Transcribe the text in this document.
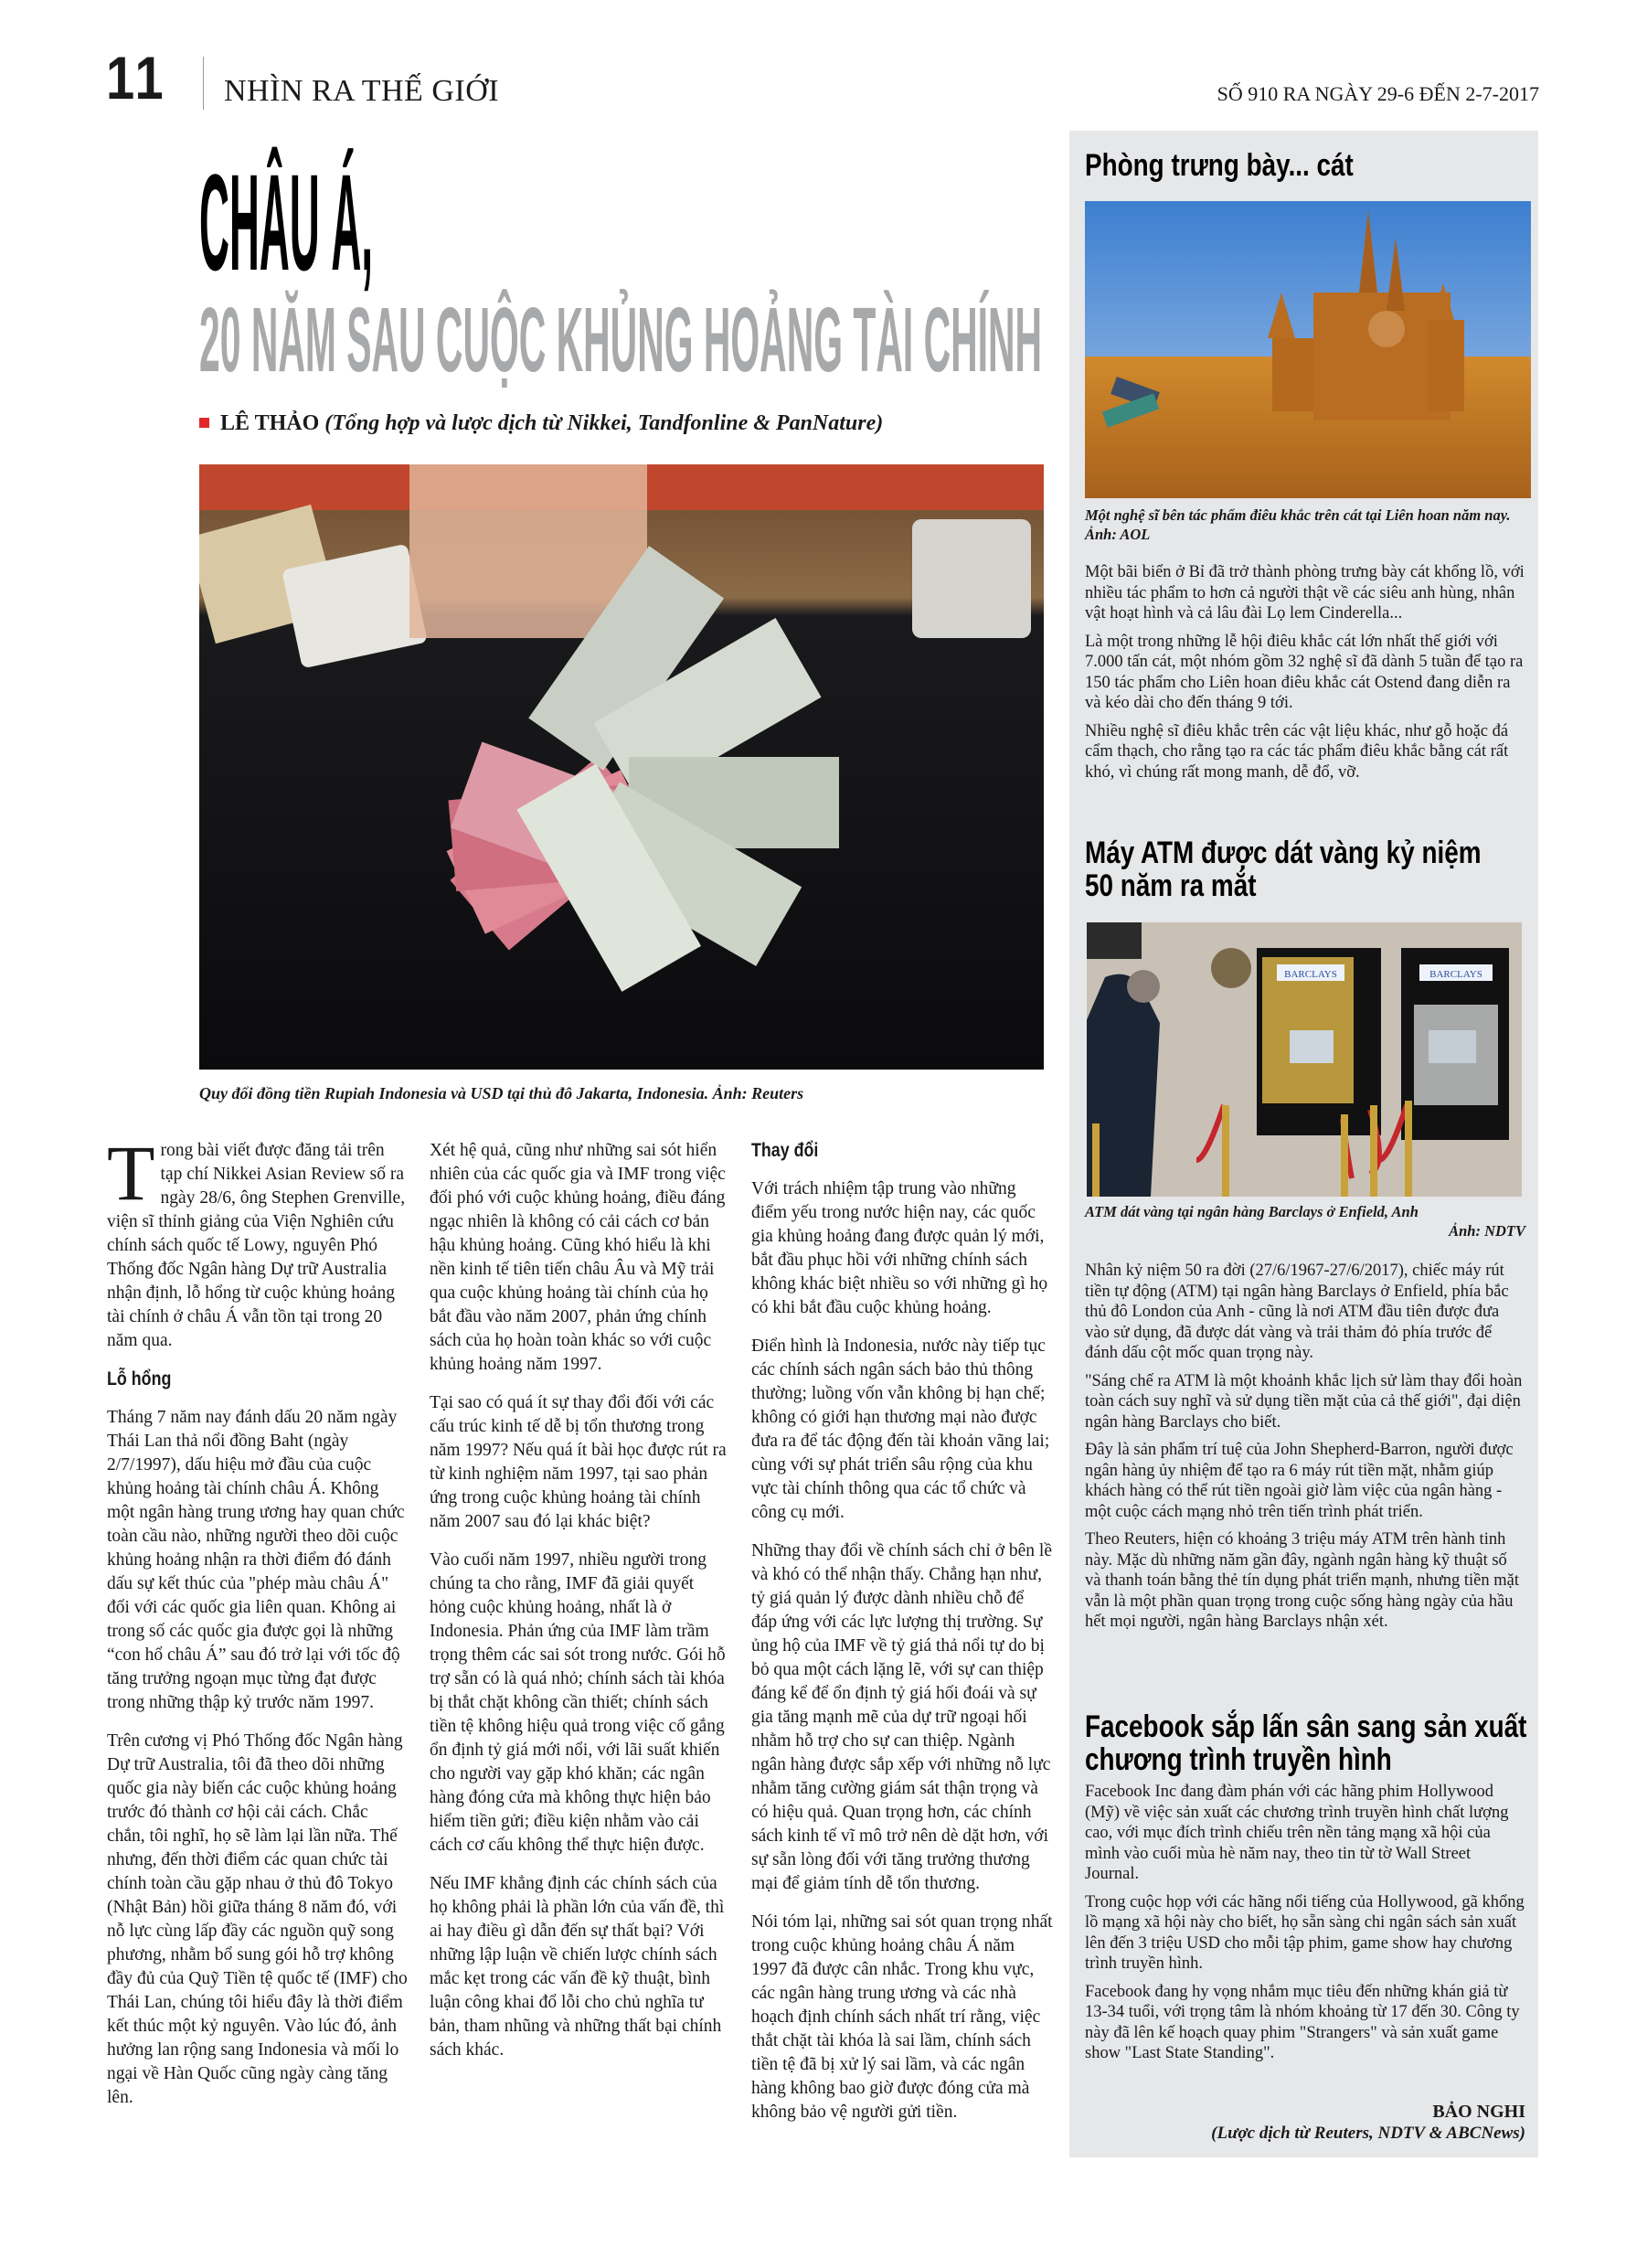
11 NHÌN RA THẾ GIỚI	SỐ 910 RA NGÀY 29-6 ĐẾN 2-7-2017
CHÂU Á,
20 NĂM SAU CUỘC KHỦNG HOẢNG TÀI CHÍNH
LÊ THẢO (Tổng hợp và lược dịch từ Nikkei, Tandfonline & PanNature)
Quy đổi đồng tiền Rupiah Indonesia và USD tại thủ đô Jakarta, Indonesia. Ảnh: Reuters

Trong bài viết được đăng tải trên tạp chí Nikkei Asian Review số ra ngày 28/6, ông Stephen Grenville, viện sĩ thỉnh giảng của Viện Nghiên cứu chính sách quốc tế Lowy, nguyên Phó Thống đốc Ngân hàng Dự trữ Australia nhận định, lỗ hổng từ cuộc khủng hoảng tài chính ở châu Á vẫn tồn tại trong 20 năm qua.

Lỗ hổng

Tháng 7 năm nay đánh dấu 20 năm ngày Thái Lan thả nổi đồng Baht (ngày 2/7/1997), dấu hiệu mở đầu của cuộc khủng hoảng tài chính châu Á. Không một ngân hàng trung ương hay quan chức toàn cầu nào, những người theo dõi cuộc khủng hoảng nhận ra thời điểm đó đánh dấu sự kết thúc của "phép màu châu Á" đối với các quốc gia liên quan. Không ai trong số các quốc gia được gọi là những “con hổ châu Á” sau đó trở lại với tốc độ tăng trưởng ngoạn mục từng đạt được trong những thập kỷ trước năm 1997.

Trên cương vị Phó Thống đốc Ngân hàng Dự trữ Australia, tôi đã theo dõi những quốc gia này biến các cuộc khủng hoảng trước đó thành cơ hội cải cách. Chắc chắn, tôi nghĩ, họ sẽ làm lại lần nữa. Thế nhưng, đến thời điểm các quan chức tài chính toàn cầu gặp nhau ở thủ đô Tokyo (Nhật Bản) hồi giữa tháng 8 năm đó, với nỗ lực cùng lấp đầy các nguồn quỹ song phương, nhằm bổ sung gói hỗ trợ không đầy đủ của Quỹ Tiền tệ quốc tế (IMF) cho Thái Lan, chúng tôi hiểu đây là thời điểm kết thúc một kỷ nguyên. Vào lúc đó, ảnh hưởng lan rộng sang Indonesia và mối lo ngại về Hàn Quốc cũng ngày càng tăng lên.

Xét hệ quả, cũng như những sai sót hiển nhiên của các quốc gia và IMF trong việc đối phó với cuộc khủng hoảng, điều đáng ngạc nhiên là không có cải cách cơ bản hậu khủng hoảng. Cũng khó hiểu là khi nền kinh tế tiên tiến châu Âu và Mỹ trải qua cuộc khủng hoảng tài chính của họ bắt đầu vào năm 2007, phản ứng chính sách của họ hoàn toàn khác so với cuộc khủng hoảng năm 1997.

Tại sao có quá ít sự thay đổi đối với các cấu trúc kinh tế dễ bị tổn thương trong năm 1997? Nếu quá ít bài học được rút ra từ kinh nghiệm năm 1997, tại sao phản ứng trong cuộc khủng hoảng tài chính năm 2007 sau đó lại khác biệt?

Vào cuối năm 1997, nhiều người trong chúng ta cho rằng, IMF đã giải quyết hỏng cuộc khủng hoảng, nhất là ở Indonesia. Phản ứng của IMF làm trầm trọng thêm các sai sót trong nước. Gói hỗ trợ sẵn có là quá nhỏ; chính sách tài khóa bị thắt chặt không cần thiết; chính sách tiền tệ không hiệu quả trong việc cố gắng ổn định tỷ giá mới nổi, với lãi suất khiến cho người vay gặp khó khăn; các ngân hàng đóng cửa mà không thực hiện bảo hiểm tiền gửi; điều kiện nhằm vào cải cách cơ cấu không thể thực hiện được.

Nếu IMF khẳng định các chính sách của họ không phải là phần lớn của vấn đề, thì ai hay điều gì dẫn đến sự thất bại? Với những lập luận về chiến lược chính sách mắc kẹt trong các vấn đề kỹ thuật, bình luận công khai đổ lỗi cho chủ nghĩa tư bản, tham nhũng và những thất bại chính sách khác.

Thay đổi

Với trách nhiệm tập trung vào những điểm yếu trong nước hiện nay, các quốc gia khủng hoảng đang được quản lý mới, bắt đầu phục hồi với những chính sách không khác biệt nhiều so với những gì họ có khi bắt đầu cuộc khủng hoảng.

Điển hình là Indonesia, nước này tiếp tục các chính sách ngân sách bảo thủ thông thường; luồng vốn vẫn không bị hạn chế; không có giới hạn thương mại nào được đưa ra để tác động đến tài khoản vãng lai; cùng với sự phát triển sâu rộng của khu vực tài chính thông qua các tổ chức và công cụ mới.

Những thay đổi về chính sách chỉ ở bên lề và khó có thể nhận thấy. Chẳng hạn như, tỷ giá quản lý được dành nhiều chỗ để đáp ứng với các lực lượng thị trường. Sự ủng hộ của IMF về tỷ giá thả nổi tự do bị bỏ qua một cách lặng lẽ, với sự can thiệp đáng kể để ổn định tỷ giá hối đoái và sự gia tăng mạnh mẽ của dự trữ ngoại hối nhằm hỗ trợ cho sự can thiệp. Ngành ngân hàng được sắp xếp với những nỗ lực nhằm tăng cường giám sát thận trọng và có hiệu quả. Quan trọng hơn, các chính sách kinh tế vĩ mô trở nên dè dặt hơn, với sự sẵn lòng đối với tăng trưởng thương mại để giảm tính dễ tổn thương.

Nói tóm lại, những sai sót quan trọng nhất trong cuộc khủng hoảng châu Á năm 1997 đã được cân nhắc. Trong khu vực, các ngân hàng trung ương và các nhà hoạch định chính sách nhất trí rằng, việc thắt chặt tài khóa là sai lầm, chính sách tiền tệ đã bị xử lý sai lầm, và các ngân hàng không bao giờ được đóng cửa mà không bảo vệ người gửi tiền.

Phòng trưng bày... cát
Một nghệ sĩ bên tác phẩm điêu khắc trên cát tại Liên hoan năm nay. Ảnh: AOL

Một bãi biển ở Bỉ đã trở thành phòng trưng bày cát khổng lồ, với nhiều tác phẩm to hơn cả người thật về các siêu anh hùng, nhân vật hoạt hình và cả lâu đài Lọ lem Cinderella...

Là một trong những lễ hội điêu khắc cát lớn nhất thế giới với 7.000 tấn cát, một nhóm gồm 32 nghệ sĩ đã dành 5 tuần để tạo ra 150 tác phẩm cho Liên hoan điêu khắc cát Ostend đang diễn ra và kéo dài cho đến tháng 9 tới.

Nhiều nghệ sĩ điêu khắc trên các vật liệu khác, như gỗ hoặc đá cẩm thạch, cho rằng tạo ra các tác phẩm điêu khắc bằng cát rất khó, vì chúng rất mong manh, dễ đổ, vỡ.

Máy ATM được dát vàng kỷ niệm
50 năm ra mắt
BARCLAYS	BARCLAYS
ATM dát vàng tại ngân hàng Barclays ở Enfield, Anh
Ảnh: NDTV

Nhân kỷ niệm 50 ra đời (27/6/1967-27/6/2017), chiếc máy rút tiền tự động (ATM) tại ngân hàng Barclays ở Enfield, phía bắc thủ đô London của Anh - cũng là nơi ATM đầu tiên được đưa vào sử dụng, đã được dát vàng và trải thảm đỏ phía trước để đánh dấu cột mốc quan trọng này.

"Sáng chế ra ATM là một khoảnh khắc lịch sử làm thay đổi hoàn toàn cách suy nghĩ và sử dụng tiền mặt của cả thế giới", đại diện ngân hàng Barclays cho biết.

Đây là sản phẩm trí tuệ của John Shepherd-Barron, người được ngân hàng ủy nhiệm để tạo ra 6 máy rút tiền mặt, nhằm giúp khách hàng có thể rút tiền ngoài giờ làm việc của ngân hàng - một cuộc cách mạng nhỏ trên tiến trình phát triển.

Theo Reuters, hiện có khoảng 3 triệu máy ATM trên hành tinh này. Mặc dù những năm gần đây, ngành ngân hàng kỹ thuật số và thanh toán bằng thẻ tín dụng phát triển mạnh, nhưng tiền mặt vẫn là một phần quan trọng trong cuộc sống hàng ngày của hầu hết mọi người, ngân hàng Barclays nhận xét.

Facebook sắp lấn sân sang sản xuất
chương trình truyền hình

Facebook Inc đang đàm phán với các hãng phim Hollywood (Mỹ) về việc sản xuất các chương trình truyền hình chất lượng cao, với mục đích trình chiếu trên nền tảng mạng xã hội của mình vào cuối mùa hè năm nay, theo tin từ tờ Wall Street Journal.

Trong cuộc họp với các hãng nổi tiếng của Hollywood, gã khổng lồ mạng xã hội này cho biết, họ sẵn sàng chi ngân sách sản xuất lên đến 3 triệu USD cho mỗi tập phim, game show hay chương trình truyền hình.

Facebook đang hy vọng nhắm mục tiêu đến những khán giả từ 13-34 tuổi, với trọng tâm là nhóm khoảng từ 17 đến 30. Công ty này đã lên kế hoạch quay phim "Strangers" và sản xuất game show "Last State Standing".

BẢO NGHI
(Lược dịch từ Reuters, NDTV & ABCNews)
